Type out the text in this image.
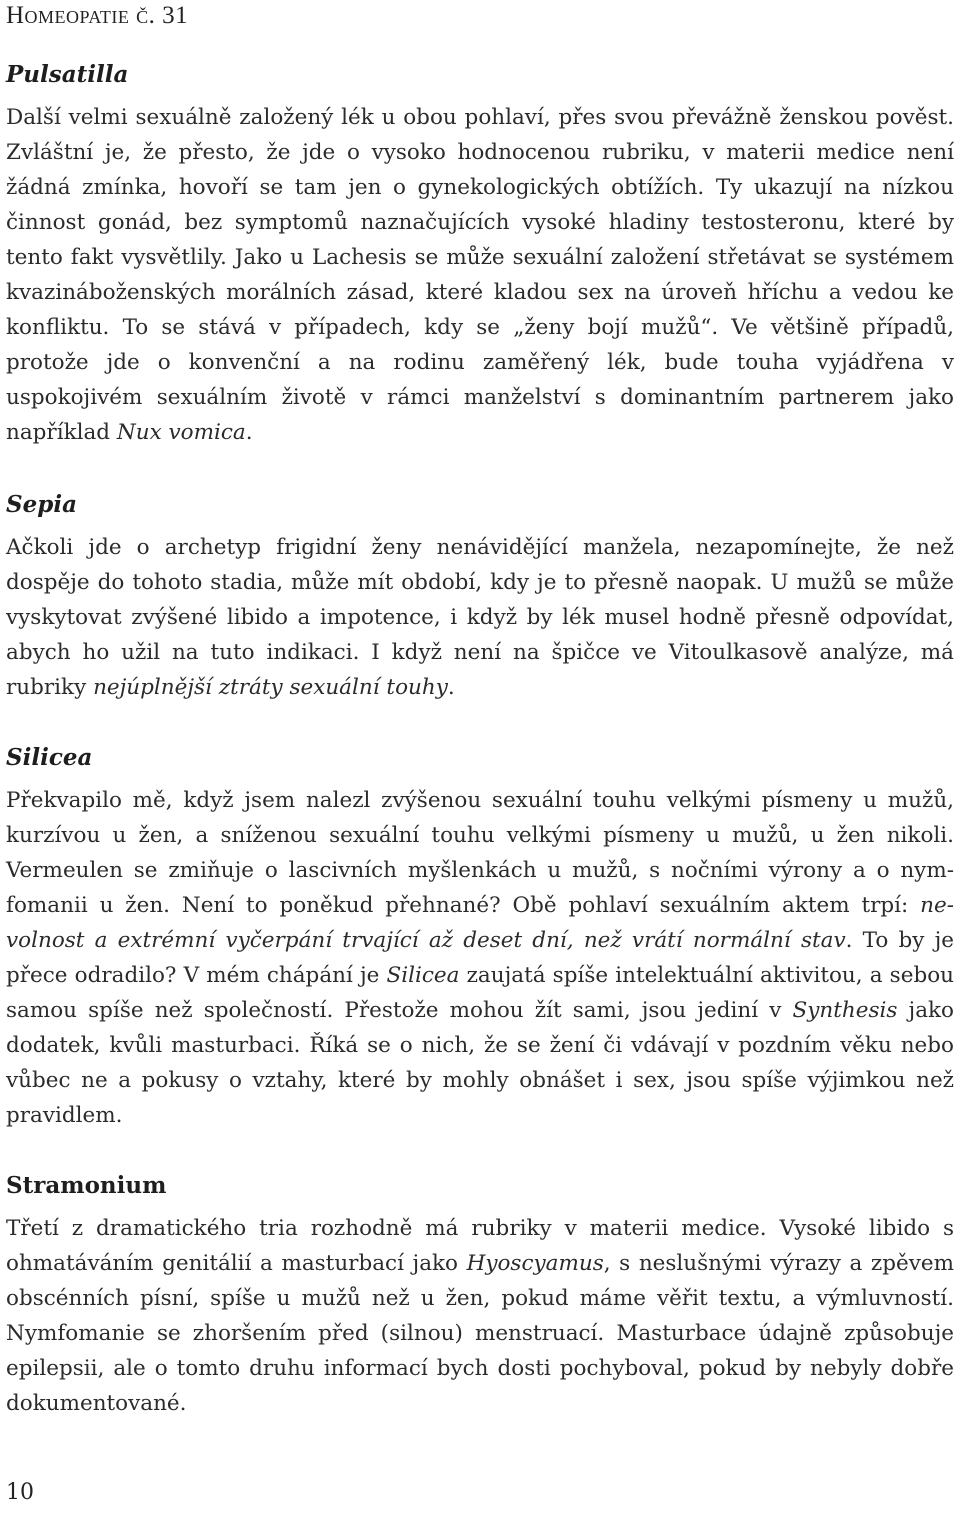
Homeopatie č. 31
Pulsatilla

Další velmi sexuálně založený lék u obou pohlaví, přes svou převážně ženskou pověst. Zvláštní je, že přesto, že jde o vysoko hodnocenou rubriku, v materii medice není žádná zmínka, hovoří se tam jen o gynekologických obtížích. Ty ukazují na nízkou činnost gonád, bez symptomů naznačujících vysoké hladiny testosteronu, které by tento fakt vysvětlily. Jako u Lachesis se může sexuální založení střetávat se systémem kvazináboženských morálních zásad, které kladou sex na úroveň hříchu a vedou ke konfliktu. To se stává v případech, kdy se „ženy bojí mužů“. Ve většině případů, protože jde o konvenční a na rodinu zaměřený lék, bude touha vyjádřena v uspokojivém sexuálním životě v rámci manželství s dominantním partnerem jako například Nux vomica.

Sepia

Ačkoli jde o archetyp frigidní ženy nenávidějící manžela, nezapomínejte, že než dospěje do tohoto stadia, může mít období, kdy je to přesně naopak. U mužů se může vyskytovat zvýšené libido a impotence, i když by lék musel hodně přesně odpovídat, abych ho užil na tuto indikaci. I když není na špičce ve Vitoulkasově analýze, má rubriky nejúplnější ztráty sexuální touhy.

Silicea

Překvapilo mě, když jsem nalezl zvýšenou sexuální touhu velkými písmeny u mužů, kurzívou u žen, a sníženou sexuální touhu velkými písmeny u mužů, u žen nikoli. Vermeulen se zmiňuje o lascivních myšlenkách u mužů, s nočními výrony a o nymfomanii u žen. Není to poněkud přehnané? Obě pohlaví sexuálním aktem trpí: nevolnost a extrémní vyčerpání trvající až deset dní, než vrátí normální stav. To by je přece odradilo? V mém chápání je Silicea zaujatá spíše intelektuální aktivitou, a sebou samou spíše než společností. Přestože mohou žít sami, jsou jediní v Synthesis jako dodatek, kvůli masturbaci. Říká se o nich, že se žení či vdávají v pozdním věku nebo vůbec ne a pokusy o vztahy, které by mohly obnášet i sex, jsou spíše výjimkou než pravidlem.

Stramonium

Třetí z dramatického tria rozhodně má rubriky v materii medice. Vysoké libido s ohmatáváním genitálií a masturbací jako Hyoscyamus, s neslušnými výrazy a zpěvem obscénních písní, spíše u mužů než u žen, pokud máme věřit textu, a výmluvností. Nymfomanie se zhoršením před (silnou) menstruací. Masturbace údajně způsobuje epilepsii, ale o tomto druhu informací bych dosti pochyboval, pokud by nebyly dobře dokumentované.

10
